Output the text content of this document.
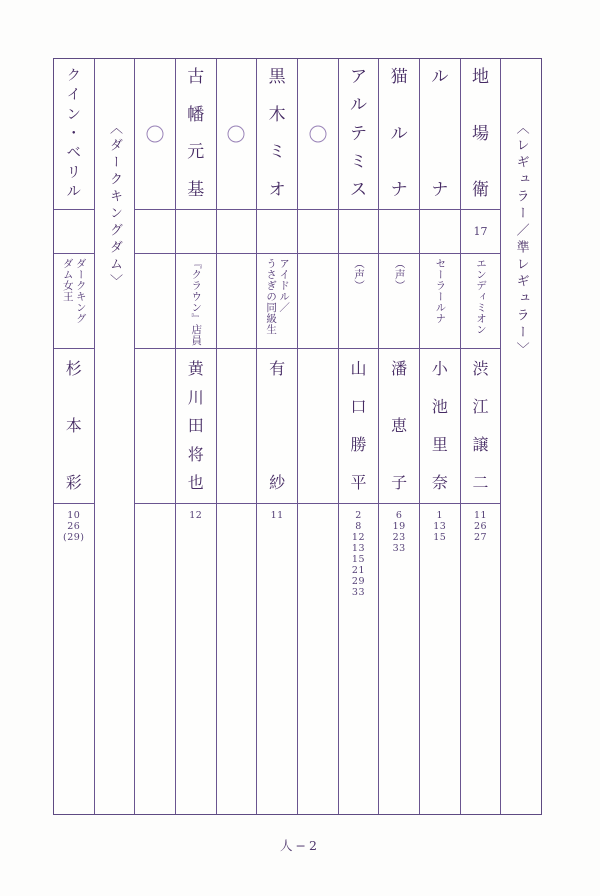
〈レギュラー／準レギュラー〉
地
場
衛
17
エンディミオン
渋
江
譲
二
11
26
27
ル
ナ
セーラールナ
小
池
里
奈
1
13
15
猫
ル
ナ
（声）
潘
恵
子
6
19
23
33
ア
ル
テ
ミ
ス
（声）
山
口
勝
平
2
8
12
13
15
21
29
33
黒
木
ミ
オ
アイドル／
うさぎの同級生
有
紗
11
古
幡
元
基
『クラウン』店員
黄
川
田
将
也
12
〈ダークキングダム〉
ク
イ
ン
・
ベ
リ
ル
ダークキング
ダム女王
杉
本
彩
10
26
(29)
人−2
